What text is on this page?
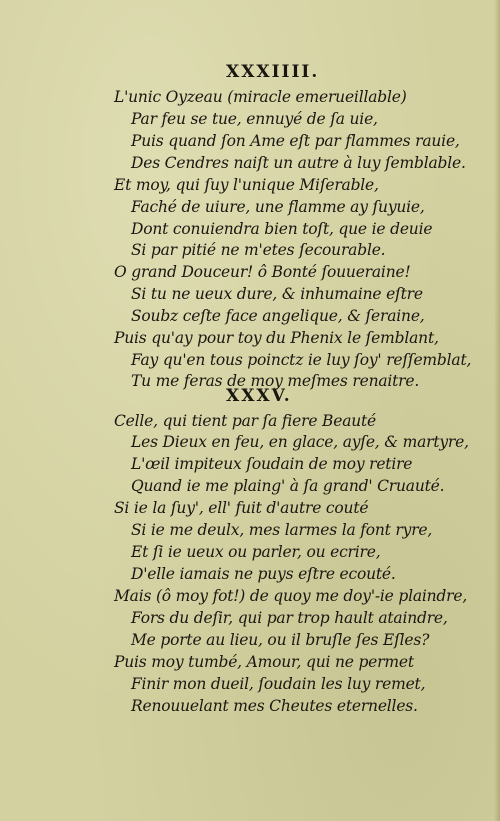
XXXIIII.
L'unic Oyzeau (miracle emerueillable)
Par feu se tue, ennuyé de ſa uie,
Puis quand ſon Ame eſt par flammes rauie,
Des Cendres naiſt un autre à luy ſemblable.
Et moy, qui ſuy l'unique Miſerable,
Faché de uiure, une flamme ay ſuyuie,
Dont conuiendra bien toſt, que ie deuie
Si par pitié ne m'etes ſecourable.
O grand Douceur! ô Bonté ſouueraine!
Si tu ne ueux dure, & inhumaine eſtre
Soubz ceſte face angelique, & ſeraine,
Puis qu'ay pour toy du Phenix le ſemblant,
Fay qu'en tous poinctz ie luy ſoy' reſſemblat,
Tu me feras de moy meſmes renaitre.
XXXV.
Celle, qui tient par ſa fiere Beauté
Les Dieux en feu, en glace, ayſe, & martyre,
L'œil impiteux ſoudain de moy retire
Quand ie me plaing' à ſa grand' Cruauté.
Si ie la ſuy', ell' fuit d'autre couté
Si ie me deulx, mes larmes la font ryre,
Et ſi ie ueux ou parler, ou ecrire,
D'elle iamais ne puys eſtre ecouté.
Mais (ô moy fot!) de quoy me doy'-ie plaindre,
Fors du deſir, qui par trop hault ataindre,
Me porte au lieu, ou il bruſle ſes Eſles?
Puis moy tumbé, Amour, qui ne permet
Finir mon dueil, ſoudain les luy remet,
Renouuelant mes Cheutes eternelles.
